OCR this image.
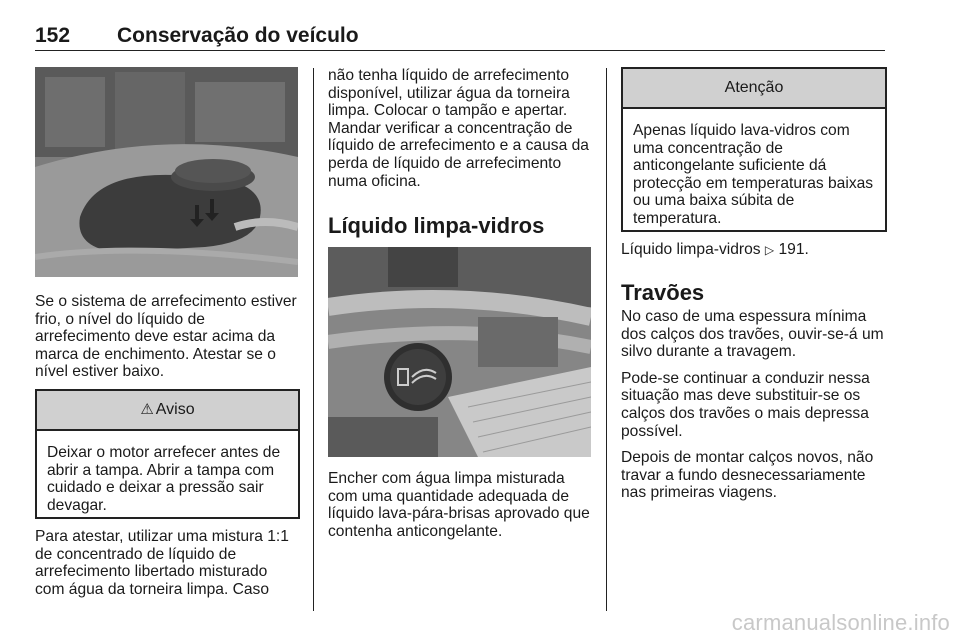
152 Conservação do veículo

Se o sistema de arrefecimento estiver frio, o nível do líquido de arrefecimento deve estar acima da marca de enchimento. Atestar se o nível estiver baixo.

⚠ Aviso
Deixar o motor arrefecer antes de abrir a tampa. Abrir a tampa com cuidado e deixar a pressão sair devagar.

Para atestar, utilizar uma mistura 1:1 de concentrado de líquido de arrefecimento libertado misturado com água da torneira limpa. Caso

não tenha líquido de arrefecimento disponível, utilizar água da torneira limpa. Colocar o tampão e apertar. Mandar verificar a concentração de líquido de arrefecimento e a causa da perda de líquido de arrefecimento numa oficina.

Líquido limpa-vidros

Encher com água limpa misturada com uma quantidade adequada de líquido lava-pára-brisas aprovado que contenha anticongelante.

Atenção
Apenas líquido lava-vidros com uma concentração de anticongelante suficiente dá protecção em temperaturas baixas ou uma baixa súbita de temperatura.

Líquido limpa-vidros ▷ 191.

Travões

No caso de uma espessura mínima dos calços dos travões, ouvir-se-á um silvo durante a travagem.

Pode-se continuar a conduzir nessa situação mas deve substituir-se os calços dos travões o mais depressa possível.

Depois de montar calços novos, não travar a fundo desnecessariamente nas primeiras viagens.

carmanualsonline.info
